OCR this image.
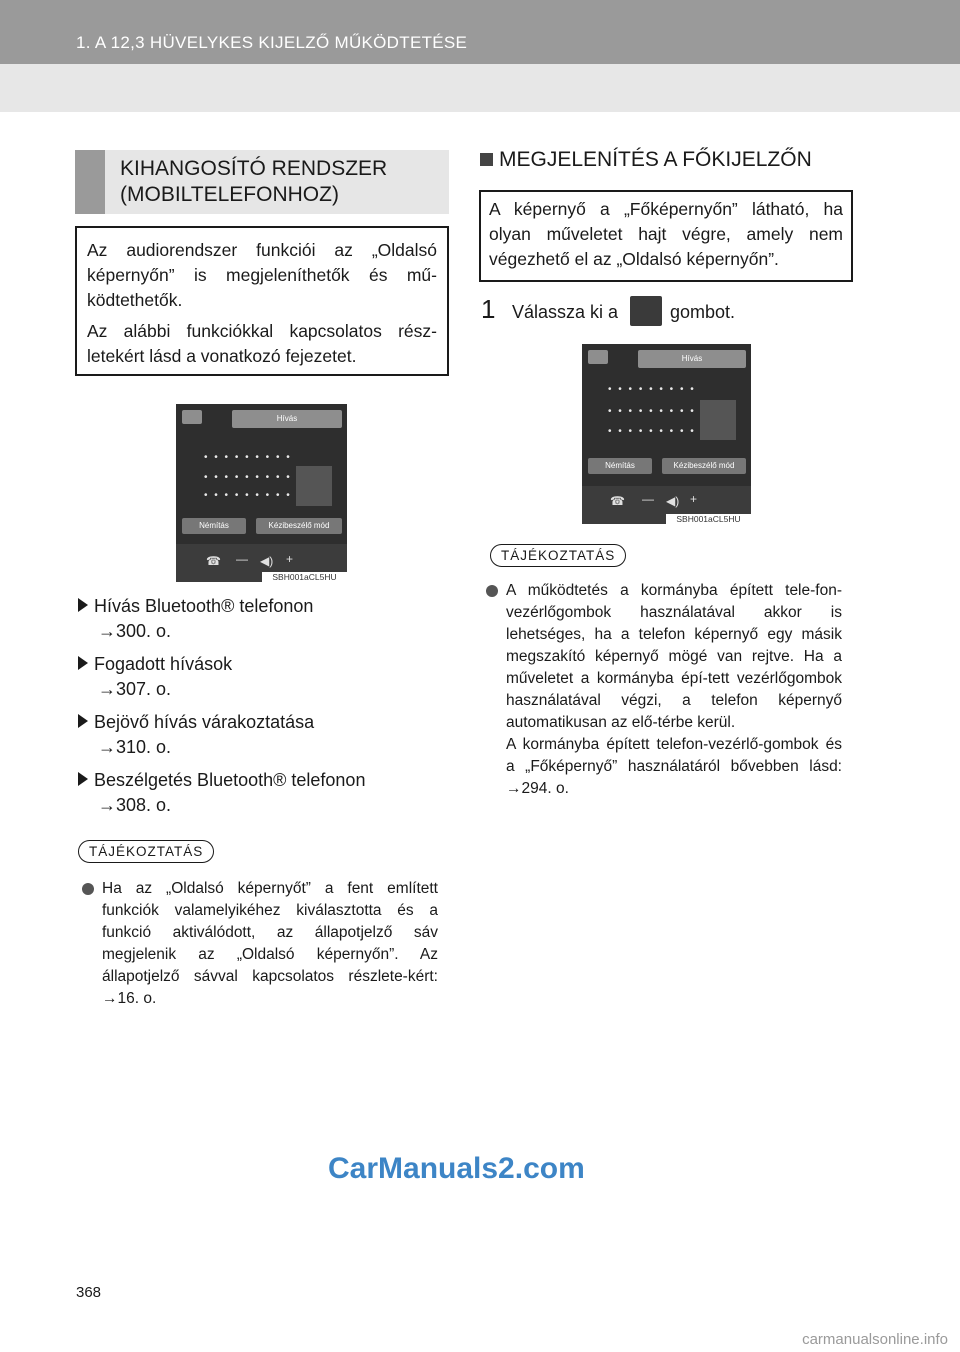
1. A 12,3 HÜVELYKES KIJELZŐ MŰKÖDTETÉSE
KIHANGOSÍTÓ RENDSZER
(MOBILTELEFONHOZ)

Az audiorendszer funkciói az „Oldalsó képernyőn” is megjeleníthetők és mű-ködtethetők.

Az alábbi funkciókkal kapcsolatos rész-letekért lásd a vonatkozó fejezetet.

Hívás
• • • • • • • • •
• • • • • • • • •
• • • • • • • • •
Némítás	Kézibeszélő mód
☎ — ◀) +
SBH001aCL5HU
Hívás Bluetooth® telefonon
→300. o.
Fogadott hívások
→307. o.
Bejövő hívás várakoztatása
→310. o.
Beszélgetés Bluetooth® telefonon
→308. o.
TÁJÉKOZTATÁS
Ha az „Oldalsó képernyőt” a fent említett funkciók valamelyikéhez kiválasztotta és a funkció aktiválódott, az állapotjelző sáv megjelenik az „Oldalsó képernyőn”. Az állapotjelző sávval kapcsolatos részlete-kért: →16. o.
MEGJELENÍTÉS A FŐKIJELZŐN

A képernyő a „Főképernyőn” látható, ha olyan műveletet hajt végre, amely nem végezhető el az „Oldalsó képernyőn”.

1 Válassza ki a	gombot.
Hívás
• • • • • • • • •
• • • • • • • • •
• • • • • • • • •
Némítás	Kézibeszélő mód
☎ — ◀) +
SBH001aCL5HU
TÁJÉKOZTATÁS
A működtetés a kormányba épített tele-fon-vezérlőgombok használatával akkor is lehetséges, ha a telefon képernyő egy másik megszakító képernyő mögé van rejtve. Ha a műveletet a kormányba épí-tett vezérlőgombok használatával végzi, a telefon képernyő automatikusan az elő-térbe kerül.
A kormányba épített telefon-vezérlő-gombok és a „Főképernyő” használatáról bővebben lásd: →294. o.
CarManuals2.com
carmanualsonline.info
368
